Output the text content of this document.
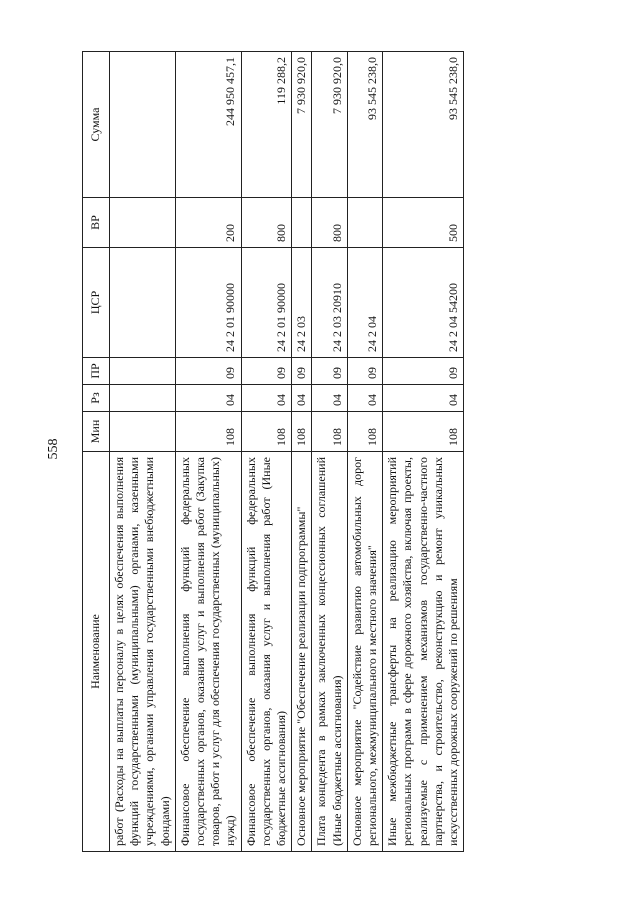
558
Наименование	Мин	Рз	ПР	ЦСР	ВР	Сумма
работ (Расходы на выплаты персоналу в целях обеспечения выполнения функций государственными (муниципальными) органами, казенными учреждениями, органами управления государственными внебюджетными фондами)						
Финансовое обеспечение выполнения функций федеральных государственных органов, оказания услуг и выполнения работ (Закупка товаров, работ и услуг для обеспечения государственных (муниципальных) нужд)	108	04	09	24 2 01 90000	200	244 950 457,1
Финансовое обеспечение выполнения функций федеральных государственных органов, оказания услуг и выполнения работ (Иные бюджетные ассигнования)	108	04	09	24 2 01 90000	800	119 288,2
Основное мероприятие "Обеспечение реализации подпрограммы"	108	04	09	24 2 03		7 930 920,0
Плата концедента в рамках заключенных концессионных соглашений (Иные бюджетные ассигнования)	108	04	09	24 2 03 20910	800	7 930 920,0
Основное мероприятие "Содействие развитию автомобильных дорог регионального, межмуниципального и местного значения"	108	04	09	24 2 04		93 545 238,0
Иные межбюджетные трансферты на реализацию мероприятий региональных программ в сфере дорожного хозяйства, включая проекты, реализуемые с применением механизмов государственно-частного партнерства, и строительство, реконструкцию и ремонт уникальных искусственных дорожных сооружений по решениям	108	04	09	24 2 04 54200	500	93 545 238,0
